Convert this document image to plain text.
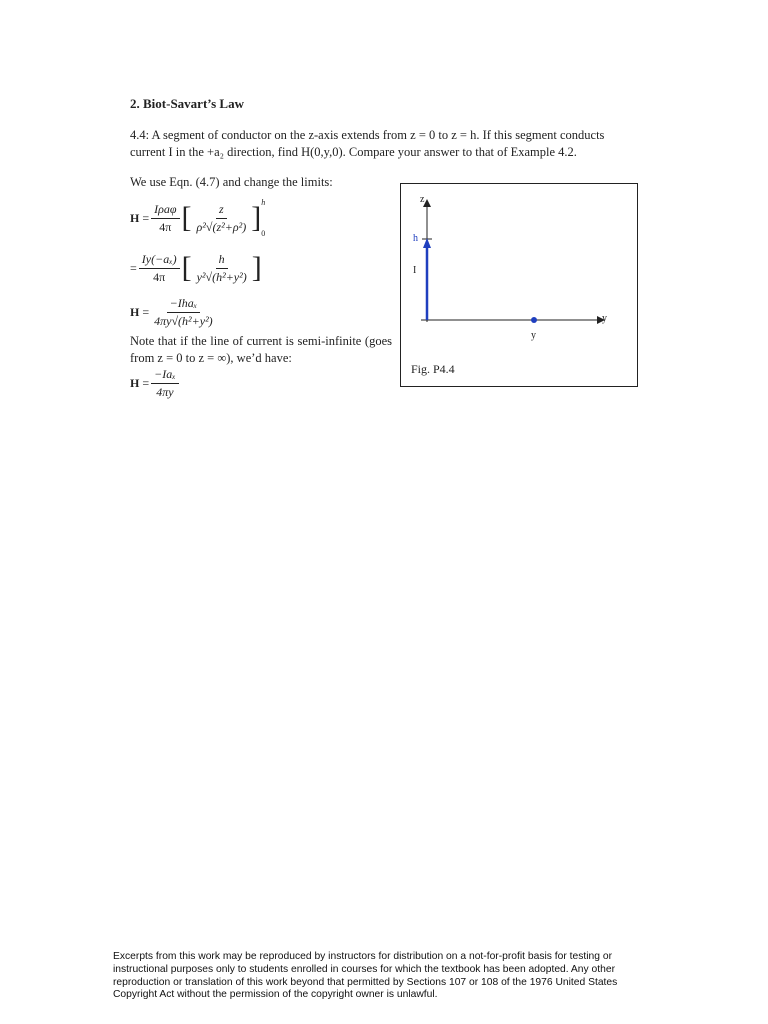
2. Biot-Savart’s Law
4.4: A segment of conductor on the z-axis extends from z = 0 to z = h. If this segment conducts
current I in the +a₂ direction, find H(0,y,0). Compare your answer to that of Example 4.2.
We use Eqn. (4.7) and change the limits:
$H = \frac{\text{Iρaφ}}{4\pi}$ [ $\frac{z}{\text{ρ²√(z²+ρ²)}}$ ] h
0
= $\frac{\text{Iy(−aₓ)}}{4\pi}$ [ $\frac{h}{\text{y²√(h²+y²)}}$ ]
$H = \frac{\text{−Ihaₓ}}{\text{4πy√(h²+y²)}}$
Note that if the line of current is semi-infinite (goes from z = 0 to z = ∞), we’d have:
$H = \frac{\text{−Iaₓ}}{4\pi y}$
z
h
I
y
y
Fig. P4.4
Excerpts from this work may be reproduced by instructors for distribution on a not-for-profit basis for testing or instructional purposes only to students enrolled in courses for which the textbook has been adopted. Any other reproduction or translation of this work beyond that permitted by Sections 107 or 108 of the 1976 United States Copyright Act without the permission of the copyright owner is unlawful.
